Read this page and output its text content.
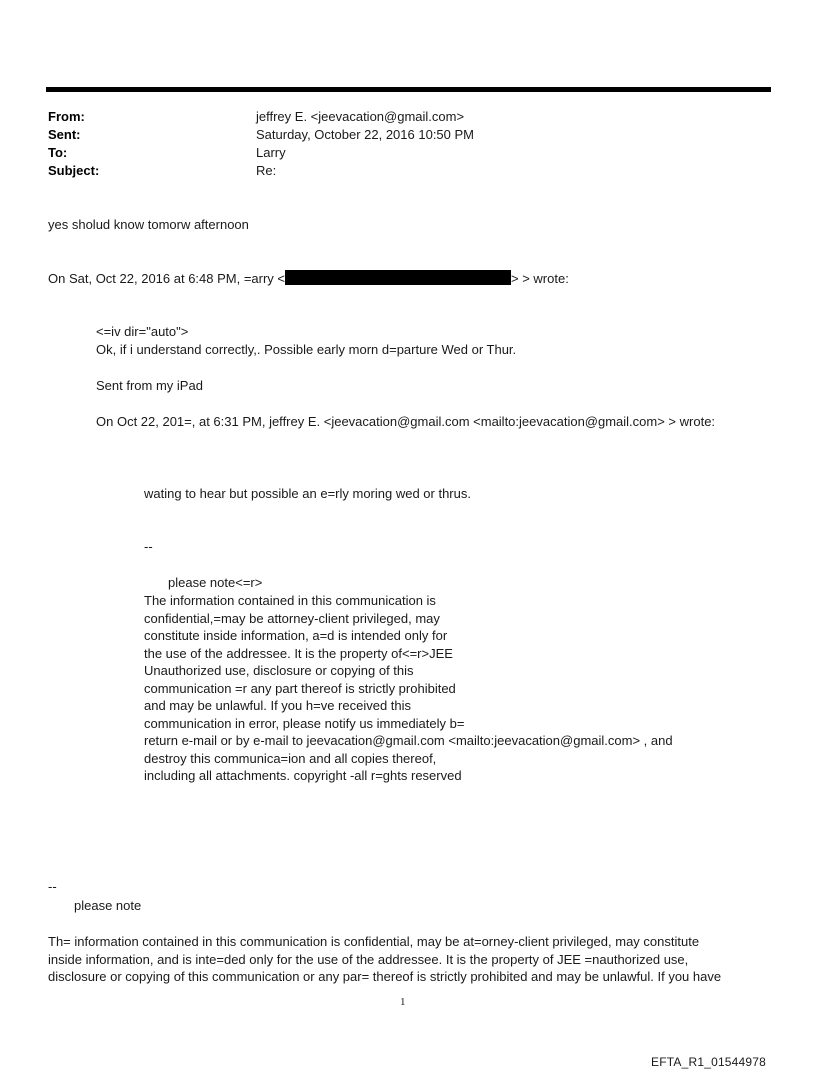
From:	jeffrey E. <jeevacation@gmail.com>
Sent:	Saturday, October 22, 2016 10:50 PM
To:	Larry
Subject:	Re:
yes sholud know tomorw afternoon
On Sat, Oct 22, 2016 at 6:48 PM, =arry <	> > wrote:
<=iv dir="auto">
Ok, if i understand correctly,. Possible early morn d=parture Wed or Thur.
Sent from my iPad
On Oct 22, 201=, at 6:31 PM, jeffrey E. <jeevacation@gmail.com <mailto:jeevacation@gmail.com> > wrote:
wating to hear but possible an e=rly moring wed or thrus.
--
please note<=r>
The information contained in this communication is
confidential,=may be attorney-client privileged, may
constitute inside information, a=d is intended only for
the use of the addressee. It is the property of<=r>JEE
Unauthorized use, disclosure or copying of this
communication =r any part thereof is strictly prohibited
and may be unlawful. If you h=ve received this
communication in error, please notify us immediately b=
return e-mail or by e-mail to jeevacation@gmail.com <mailto:jeevacation@gmail.com> , and
destroy this communica=ion and all copies thereof,
including all attachments. copyright -all r=ghts reserved
--
please note
Th= information contained in this communication is confidential, may be at=orney-client privileged, may constitute
inside information, and is inte=ded only for the use of the addressee. It is the property of JEE =nauthorized use,
disclosure or copying of this communication or any par= thereof is strictly prohibited and may be unlawful. If you have
1
EFTA_R1_01544978
